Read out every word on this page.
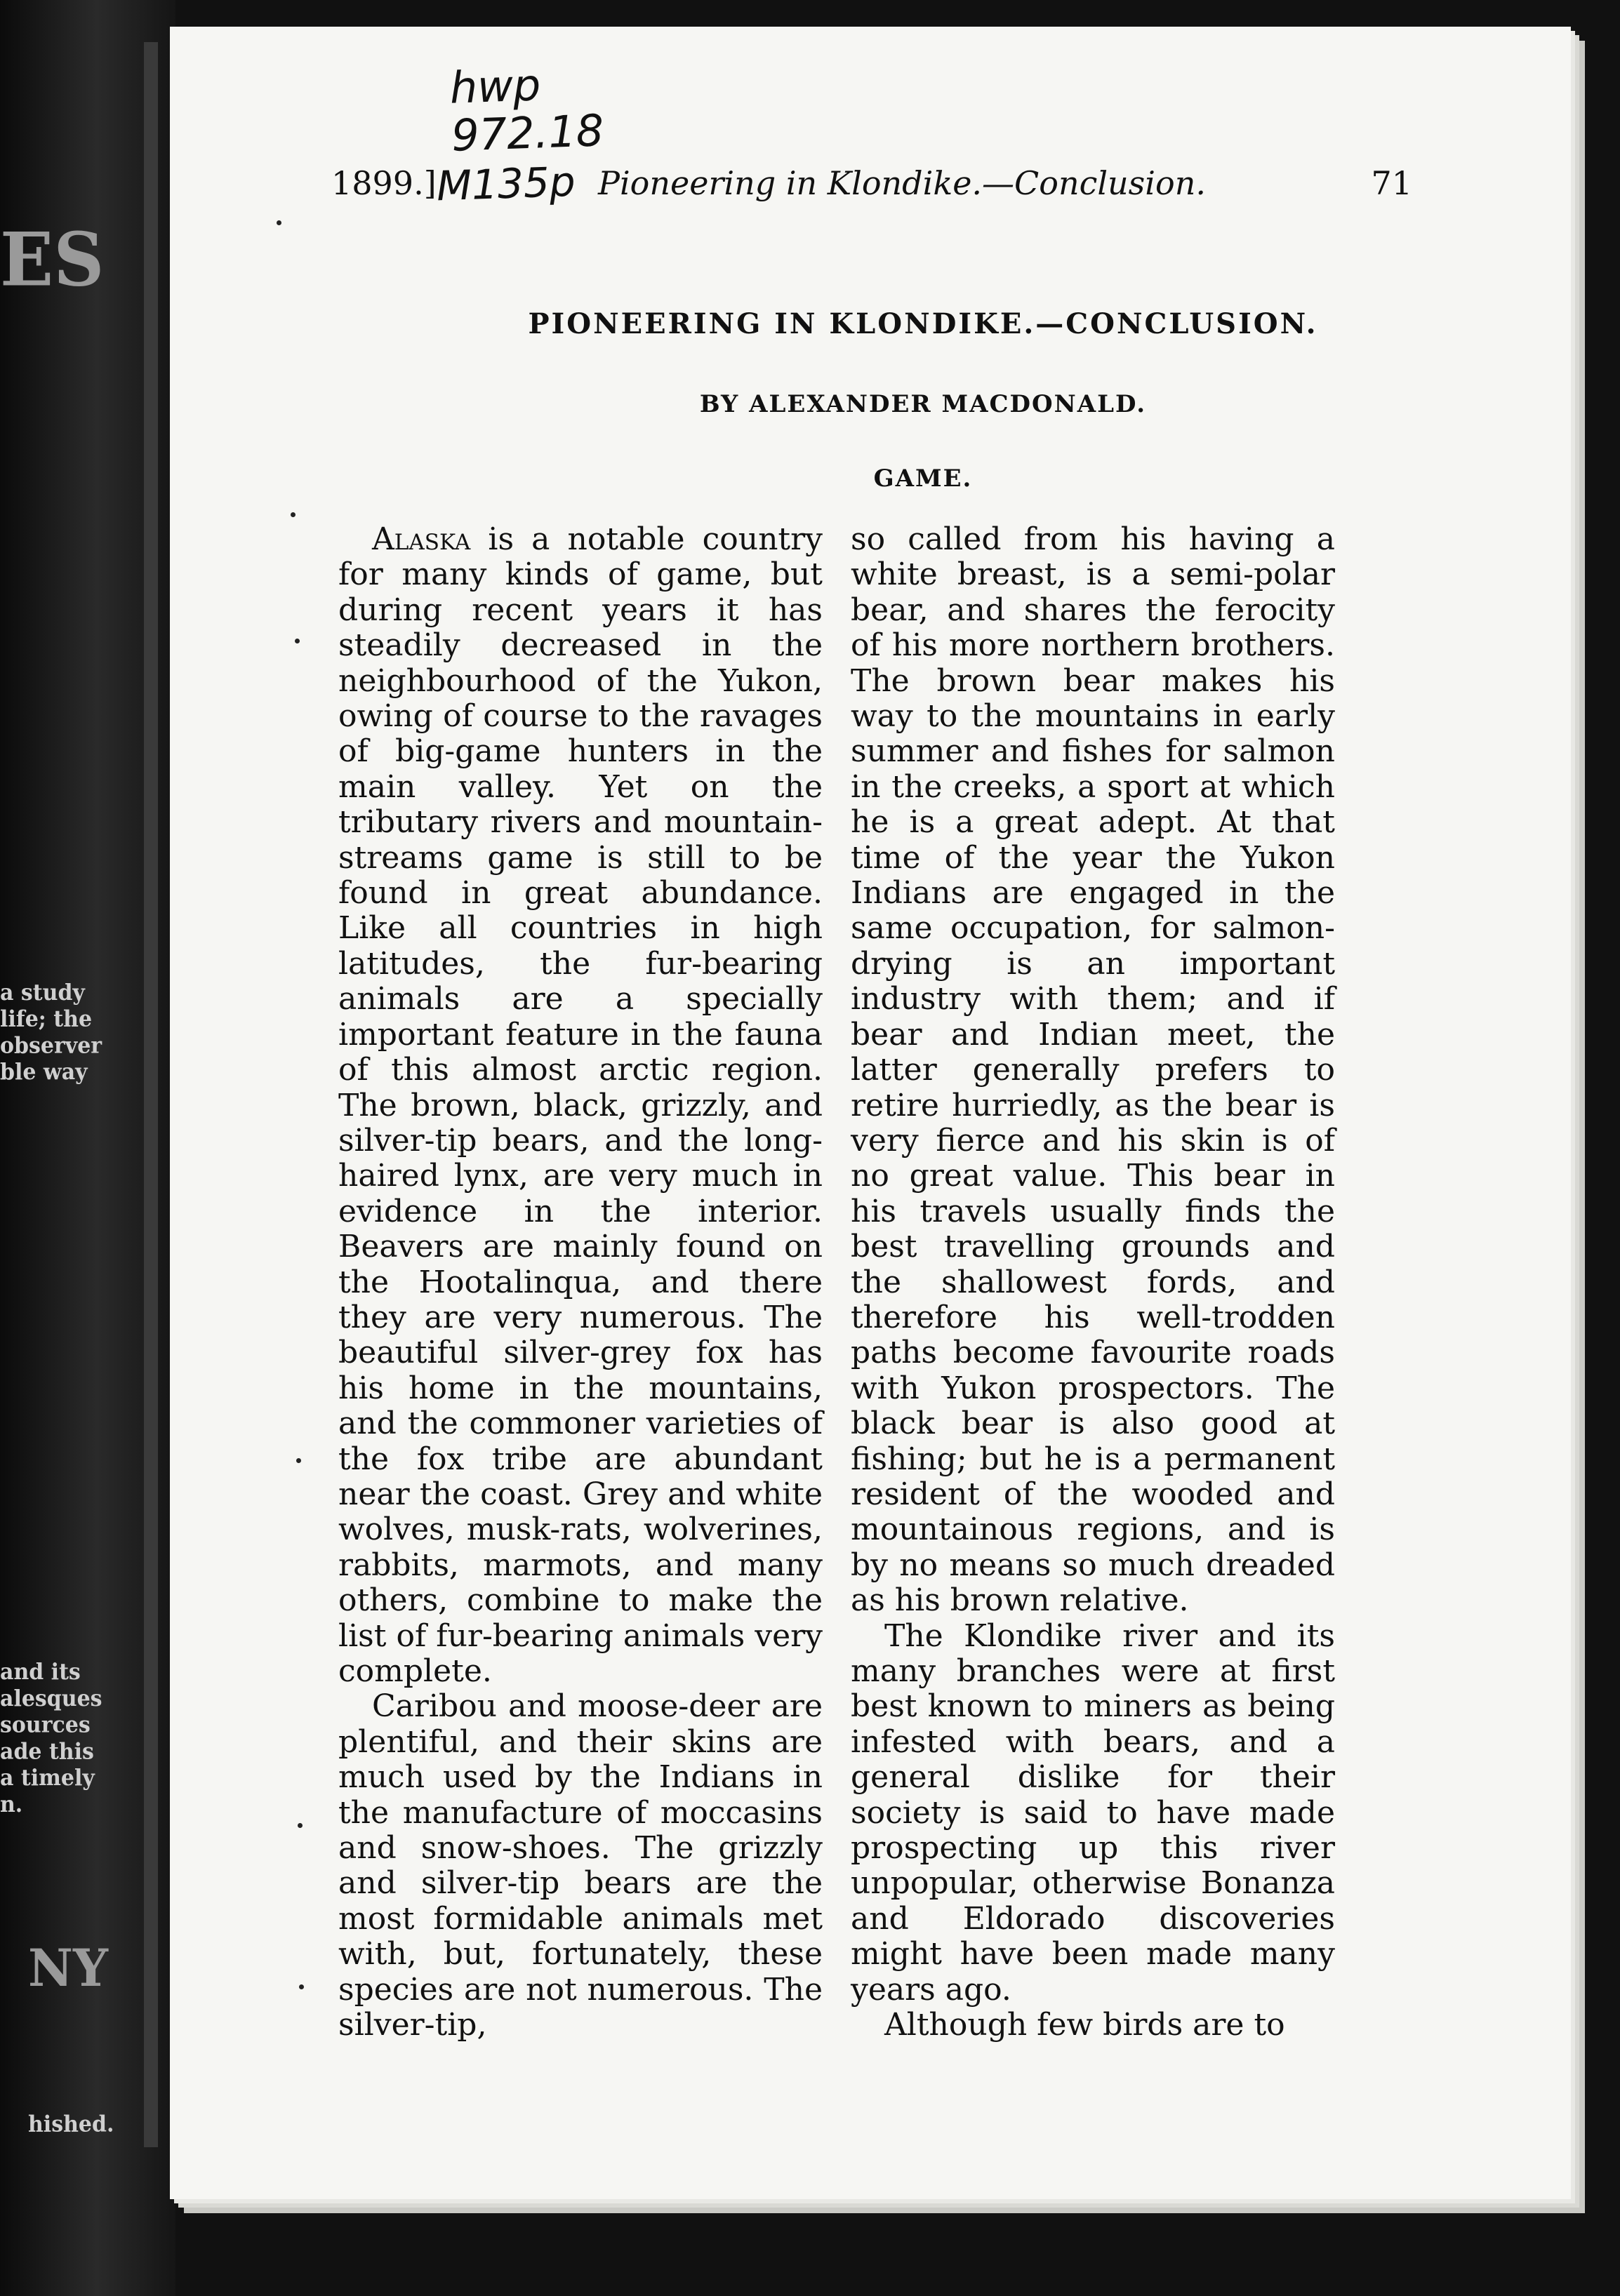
ES
a study
life; the
observer
ble way
and its
alesques
sources
ade this
a timely
n.
NY
hished.
hwp
972.18
M135p
1899.]	Pioneering in Klondike.—Conclusion.	71
PIONEERING IN KLONDIKE.—CONCLUSION.
BY ALEXANDER MACDONALD.
GAME.

Alaska is a notable country for many kinds of game, but during recent years it has steadily decreased in the neighbourhood of the Yukon, owing of course to the ravages of big-game hunters in the main valley. Yet on the tributary rivers and mountain-streams game is still to be found in great abundance. Like all countries in high latitudes, the fur-bearing animals are a specially important feature in the fauna of this almost arctic region. The brown, black, grizzly, and silver-tip bears, and the long-haired lynx, are very much in evidence in the interior. Beavers are mainly found on the Hootalinqua, and there they are very numerous. The beautiful silver-grey fox has his home in the mountains, and the commoner varieties of the fox tribe are abundant near the coast. Grey and white wolves, musk-rats, wolverines, rabbits, marmots, and many others, combine to make the list of fur-bearing animals very complete.

Caribou and moose-deer are plentiful, and their skins are much used by the Indians in the manufacture of moccasins and snow-shoes. The grizzly and silver-tip bears are the most formidable animals met with, but, fortunately, these species are not numerous. The silver-tip,

so called from his having a white breast, is a semi-polar bear, and shares the ferocity of his more northern brothers. The brown bear makes his way to the mountains in early summer and fishes for salmon in the creeks, a sport at which he is a great adept. At that time of the year the Yukon Indians are engaged in the same occupation, for salmon-drying is an important industry with them; and if bear and Indian meet, the latter generally prefers to retire hurriedly, as the bear is very fierce and his skin is of no great value. This bear in his travels usually finds the best travelling grounds and the shallowest fords, and therefore his well-trodden paths become favourite roads with Yukon prospectors. The black bear is also good at fishing; but he is a permanent resident of the wooded and mountainous regions, and is by no means so much dreaded as his brown relative.

The Klondike river and its many branches were at first best known to miners as being infested with bears, and a general dislike for their society is said to have made prospecting up this river unpopular, otherwise Bonanza and Eldorado discoveries might have been made many years ago.

Although few birds are to
